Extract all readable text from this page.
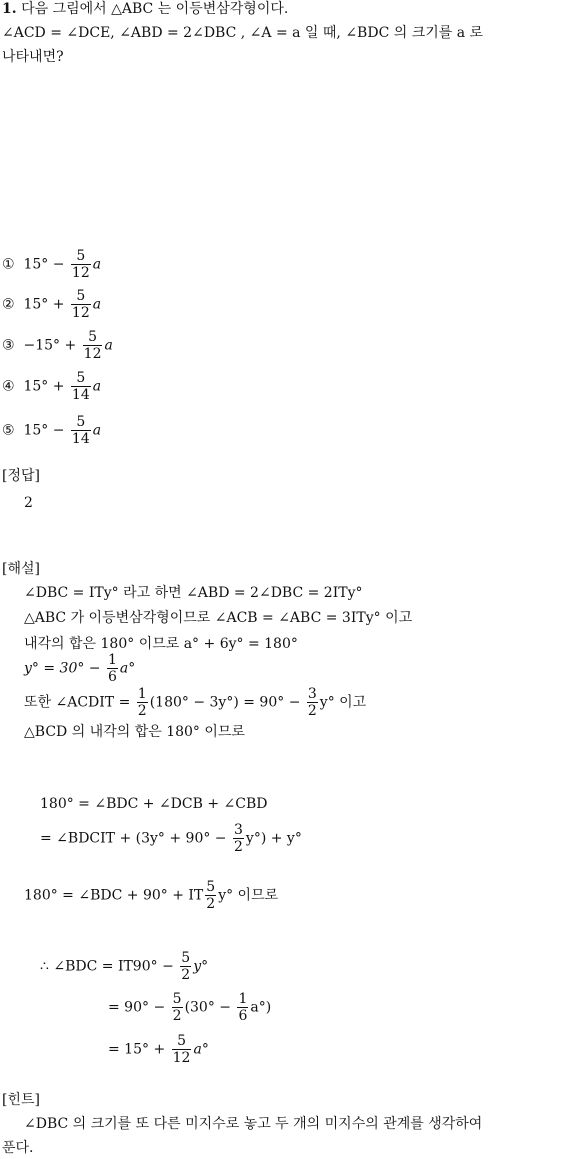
1. 다음 그림에서 △ABC 는 이등변삼각형이다.
∠ACD = ∠DCE, ∠ABD = 2∠DBC , ∠A = a 일 때, ∠BDC 의 크기를 a 로
나타내면?
① $15^\circ - \frac{5}{12}$ a
② $15^\circ + \frac{5}{12}$ a
③ $-15^\circ + \frac{5}{12}$ a
④ $15^\circ + \frac{5}{14}$ a
⑤ $15^\circ - \frac{5}{14}$ a
[정답]
2
[해설]
∠DBC = ITy° 라고 하면 ∠ABD = 2∠DBC = 2ITy°
△ABC 가 이등변삼각형이므로 ∠ACB = ∠ABC = 3ITy° 이고
내각의 합은 180° 이므로 a° + 6y° = 180°
$y^\circ = 30^\circ - \frac{1}{6} a^\circ$
또한 ∠ACDIT = $\frac{1}{2} (180^\circ - 3y^\circ) = 90^\circ - \frac{3}{2} y^\circ$ 이고
△BCD 의 내각의 합은 180° 이므로
180° = ∠BDC + ∠DCB + ∠CBD
= ∠BDCIT + $(3y^\circ + 90^\circ - \frac{3}{2} y^\circ) + y^\circ$
180° = ∠BDC + 90° + IT $\frac{5}{2} y^\circ$ 이므로
∴ ∠BDC = $IT90^\circ - \frac{5}{2} y^\circ$
= $90^\circ - \frac{5}{2} (30^\circ - \frac{1}{6} a^\circ)$
= $15^\circ + \frac{5}{12} a^\circ$
[힌트]
∠DBC 의 크기를 또 다른 미지수로 놓고 두 개의 미지수의 관계를 생각하여
푼다.
